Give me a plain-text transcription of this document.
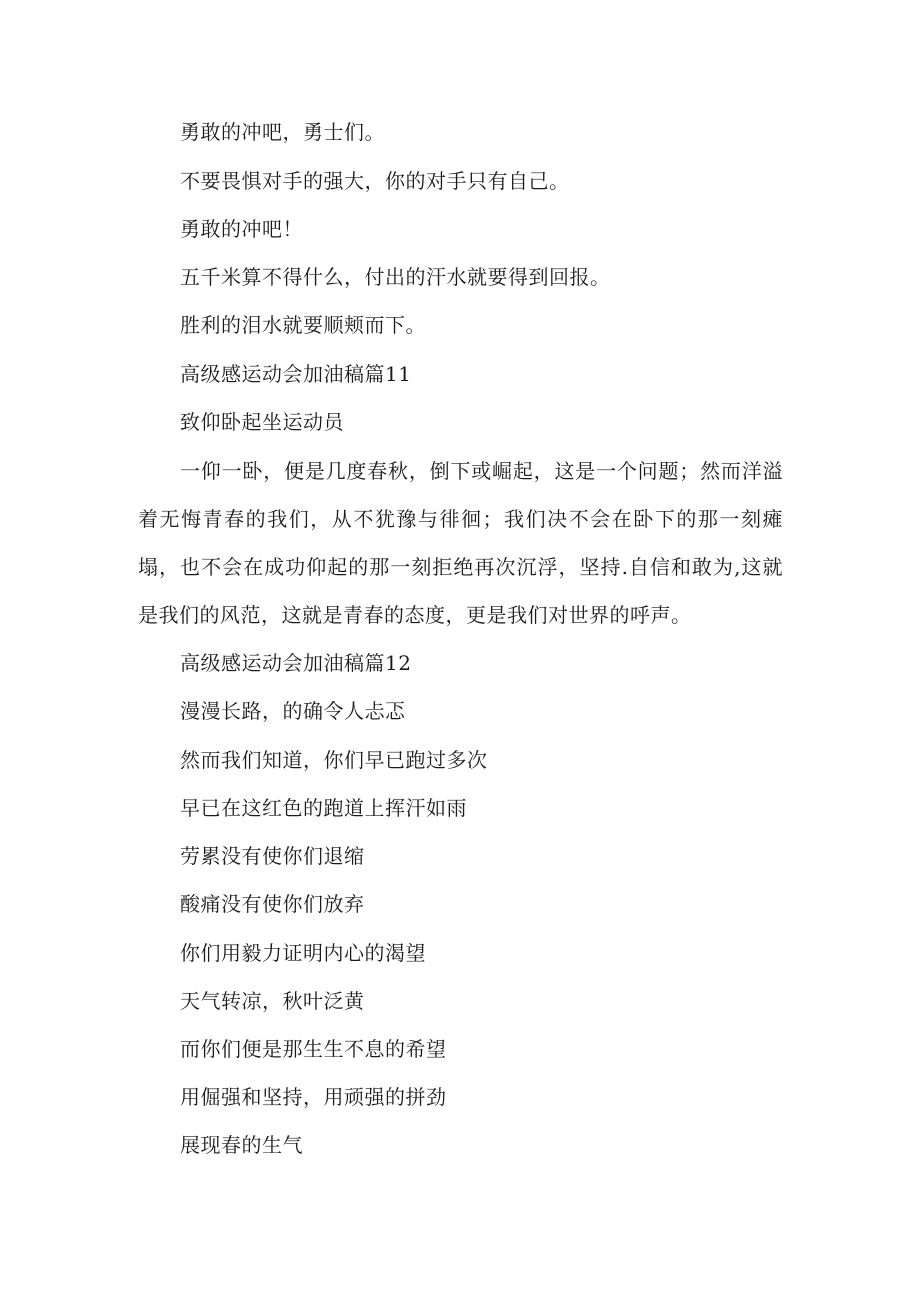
勇敢的冲吧，勇士们。
不要畏惧对手的强大，你的对手只有自己。
勇敢的冲吧！
五千米算不得什么，付出的汗水就要得到回报。
胜利的泪水就要顺颊而下。
高级感运动会加油稿篇11
致仰卧起坐运动员
一仰一卧，便是几度春秋，倒下或崛起，这是一个问题；然而洋溢着无悔青春的我们，从不犹豫与徘徊；我们决不会在卧下的那一刻瘫塌，也不会在成功仰起的那一刻拒绝再次沉浮，坚持.自信和敢为,这就是我们的风范，这就是青春的态度，更是我们对世界的呼声。
高级感运动会加油稿篇12
漫漫长路，的确令人忐忑
然而我们知道，你们早已跑过多次
早已在这红色的跑道上挥汗如雨
劳累没有使你们退缩
酸痛没有使你们放弃
你们用毅力证明内心的渴望
天气转凉，秋叶泛黄
而你们便是那生生不息的希望
用倔强和坚持，用顽强的拼劲
展现春的生气
